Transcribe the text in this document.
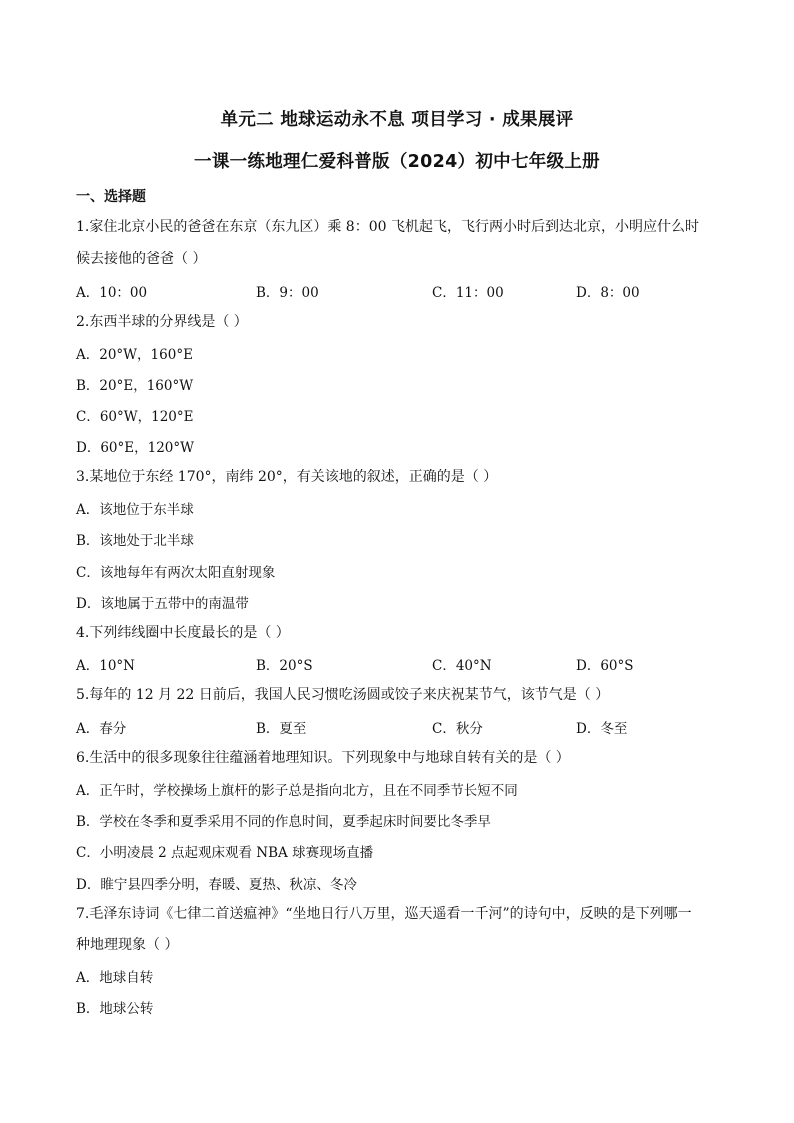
单元二 地球运动永不息 项目学习 · 成果展评
一课一练地理仁爱科普版（2024）初中七年级上册
一、选择题
1.家住北京小民的爸爸在东京（东九区）乘 8：00 飞机起飞，飞行两小时后到达北京，小明应什么时
候去接他的爸爸（ ）
A．10：00	B．9：00	C．11：00	D．8：00
2.东西半球的分界线是（ ）
A．20°W，160°E
B．20°E，160°W
C．60°W，120°E
D．60°E，120°W
3.某地位于东经 170°，南纬 20°，有关该地的叙述，正确的是（ ）
A．该地位于东半球
B．该地处于北半球
C．该地每年有两次太阳直射现象
D．该地属于五带中的南温带
4.下列纬线圈中长度最长的是（ ）
A．10°N	B．20°S	C．40°N	D．60°S
5.每年的 12 月 22 日前后，我国人民习惯吃汤圆或饺子来庆祝某节气，该节气是（ ）
A．春分	B．夏至	C．秋分	D．冬至
6.生活中的很多现象往往蕴涵着地理知识。下列现象中与地球自转有关的是（ ）
A．正午时，学校操场上旗杆的影子总是指向北方，且在不同季节长短不同
B．学校在冬季和夏季采用不同的作息时间，夏季起床时间要比冬季早
C．小明凌晨 2 点起观床观看 NBA 球赛现场直播
D．睢宁县四季分明，春暖、夏热、秋凉、冬冷
7.毛泽东诗词《七律二首送瘟神》“坐地日行八万里，巡天遥看一千河”的诗句中，反映的是下列哪一
种地理现象（ ）
A．地球自转
B．地球公转
